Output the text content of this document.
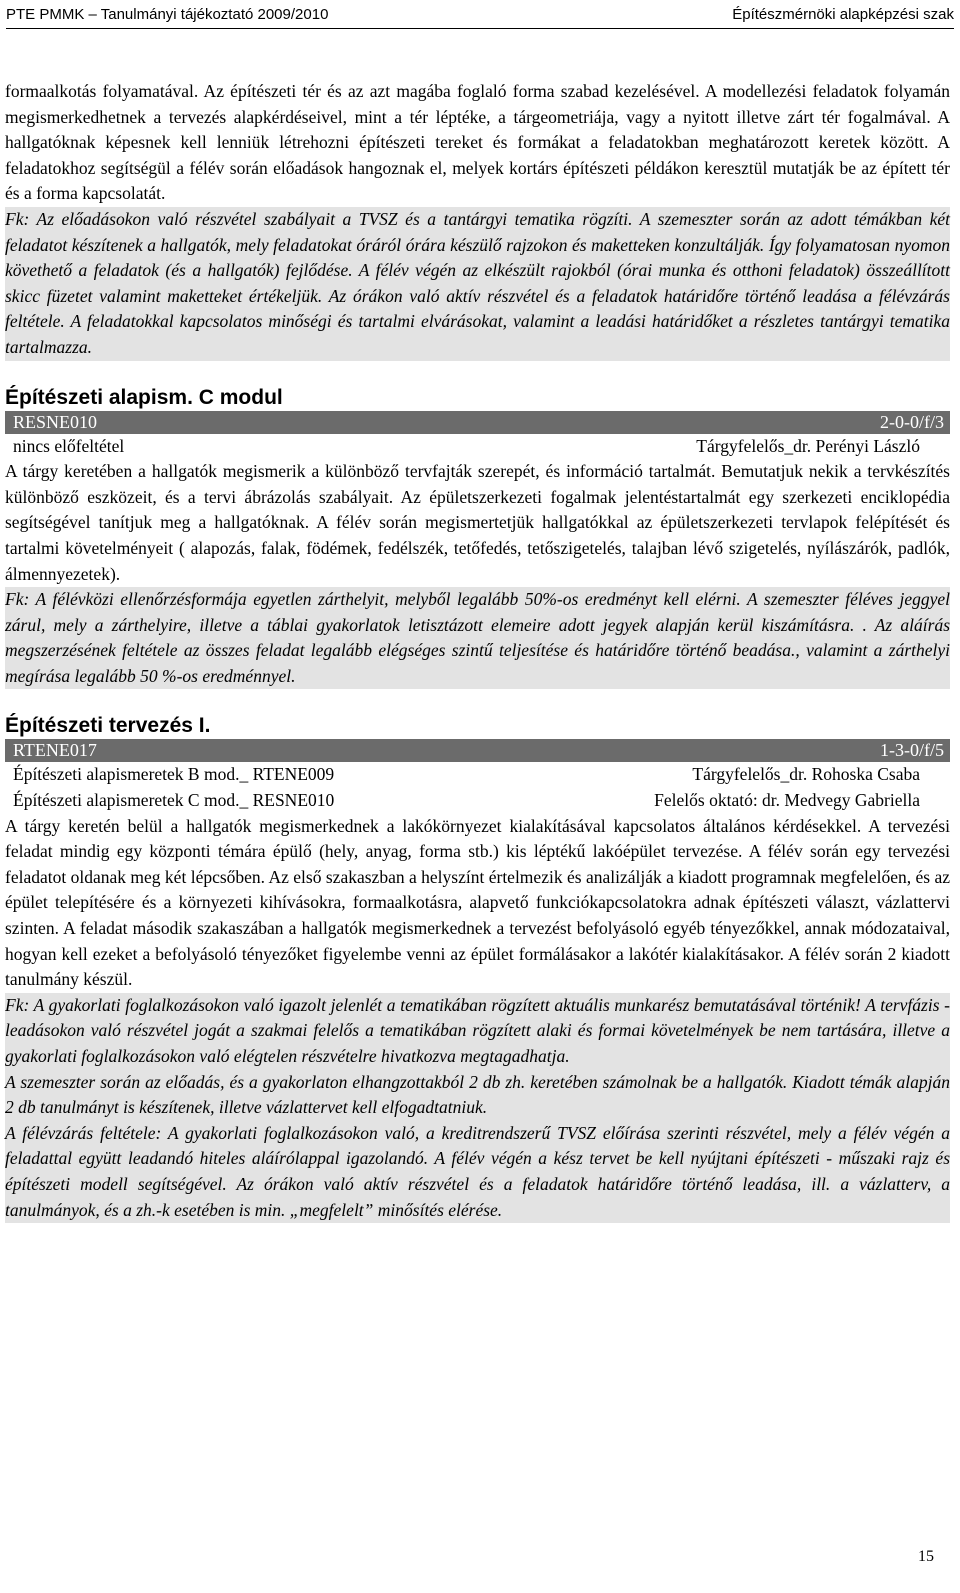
PTE PMMK – Tanulmányi tájékoztató 2009/2010	Építészmérnöki alapképzési szak

formaalkotás folyamatával. Az építészeti tér és az azt magába foglaló forma szabad kezelésével. A modellezési feladatok folyamán megismerkedhetnek a tervezés alapkérdéseivel, mint a tér léptéke, a tárgeometriája, vagy a nyitott illetve zárt tér fogalmával. A hallgatóknak képesnek kell lenniük létrehozni építészeti tereket és formákat a feladatokban meghatározott keretek között. A feladatokhoz segítségül a félév során előadások hangoznak el, melyek kortárs építészeti példákon keresztül mutatják be az épített tér és a forma kapcsolatát.

Fk: Az előadásokon való részvétel szabályait a TVSZ és a tantárgyi tematika rögzíti. A szemeszter során az adott témákban két feladatot készítenek a hallgatók, mely feladatokat óráról órára készülő rajzokon és maketteken konzultálják. Így folyamatosan nyomon követhető a feladatok (és a hallgatók) fejlődése. A félév végén az elkészült rajokból (órai munka és otthoni feladatok) összeállított skicc füzetet valamint maketteket értékeljük. Az órákon való aktív részvétel és a feladatok határidőre történő leadása a félévzárás feltétele. A feladatokkal kapcsolatos minőségi és tartalmi elvárásokat, valamint a leadási határidőket a részletes tantárgyi tematika tartalmazza.

Építészeti alapism. C modul

RESNE010	2-0-0/f/3
nincs előfeltétel	Tárgyfelelős_dr. Perényi László

A tárgy keretében a hallgatók megismerik a különböző tervfajták szerepét, és információ tartalmát. Bemutatjuk nekik a tervkészítés különböző eszközeit, és a tervi ábrázolás szabályait. Az épületszerkezeti fogalmak jelentéstartalmát egy szerkezeti enciklopédia segítségével tanítjuk meg a hallgatóknak. A félév során megismertetjük hallgatókkal az épületszerkezeti tervlapok felépítését és tartalmi követelményeit ( alapozás, falak, födémek, fedélszék, tetőfedés, tetőszigetelés, talajban lévő szigetelés, nyílászárók, padlók, álmennyezetek).

Fk: A félévközi ellenőrzésformája egyetlen zárthelyit, melyből legalább 50%-os eredményt kell elérni. A szemeszter féléves jeggyel zárul, mely a zárthelyire, illetve a táblai gyakorlatok letisztázott elemeire adott jegyek alapján kerül kiszámításra. . Az aláírás megszerzésének feltétele az összes feladat legalább elégséges szintű teljesítése és határidőre történő beadása., valamint a zárthelyi megírása legalább 50 %-os eredménnyel.

Építészeti tervezés I.

RTENE017	1-3-0/f/5
Építészeti alapismeretek B mod._ RTENE009	Tárgyfelelős_dr. Rohoska Csaba
Építészeti alapismeretek C mod._ RESNE010	Felelős oktató: dr. Medvegy Gabriella

A tárgy keretén belül a hallgatók megismerkednek a lakókörnyezet kialakításával kapcsolatos általános kérdésekkel. A tervezési feladat mindig egy központi témára épülő (hely, anyag, forma stb.) kis léptékű lakóépület tervezése. A félév során egy tervezési feladatot oldanak meg két lépcsőben. Az első szakaszban a helyszínt értelmezik és analizálják a kiadott programnak megfelelően, és az épület telepítésére és a környezeti kihívásokra, formaalkotásra, alapvető funkciókapcsolatokra adnak építészeti választ, vázlattervi szinten. A feladat második szakaszában a hallgatók megismerkednek a tervezést befolyásoló egyéb tényezőkkel, annak módozataival, hogyan kell ezeket a befolyásoló tényezőket figyelembe venni az épület formálásakor a lakótér kialakításakor. A félév során 2 kiadott tanulmány készül.

Fk: A gyakorlati foglalkozásokon való igazolt jelenlét a tematikában rögzített aktuális munkarész bemutatásával történik! A tervfázis - leadásokon való részvétel jogát a szakmai felelős a tematikában rögzített alaki és formai követelmények be nem tartására, illetve a gyakorlati foglalkozásokon való elégtelen részvételre hivatkozva megtagadhatja.

A szemeszter során az előadás, és a gyakorlaton elhangzottakból 2 db zh. keretében számolnak be a hallgatók. Kiadott témák alapján 2 db tanulmányt is készítenek, illetve vázlattervet kell elfogadtatniuk.

A félévzárás feltétele: A gyakorlati foglalkozásokon való, a kreditrendszerű TVSZ előírása szerinti részvétel, mely a félév végén a feladattal együtt leadandó hiteles aláírólappal igazolandó. A félév végén a kész tervet be kell nyújtani építészeti - műszaki rajz és építészeti modell segítségével. Az órákon való aktív részvétel és a feladatok határidőre történő leadása, ill. a vázlatterv, a tanulmányok, és a zh.-k esetében is min. „megfelelt” minősítés elérése.

15
